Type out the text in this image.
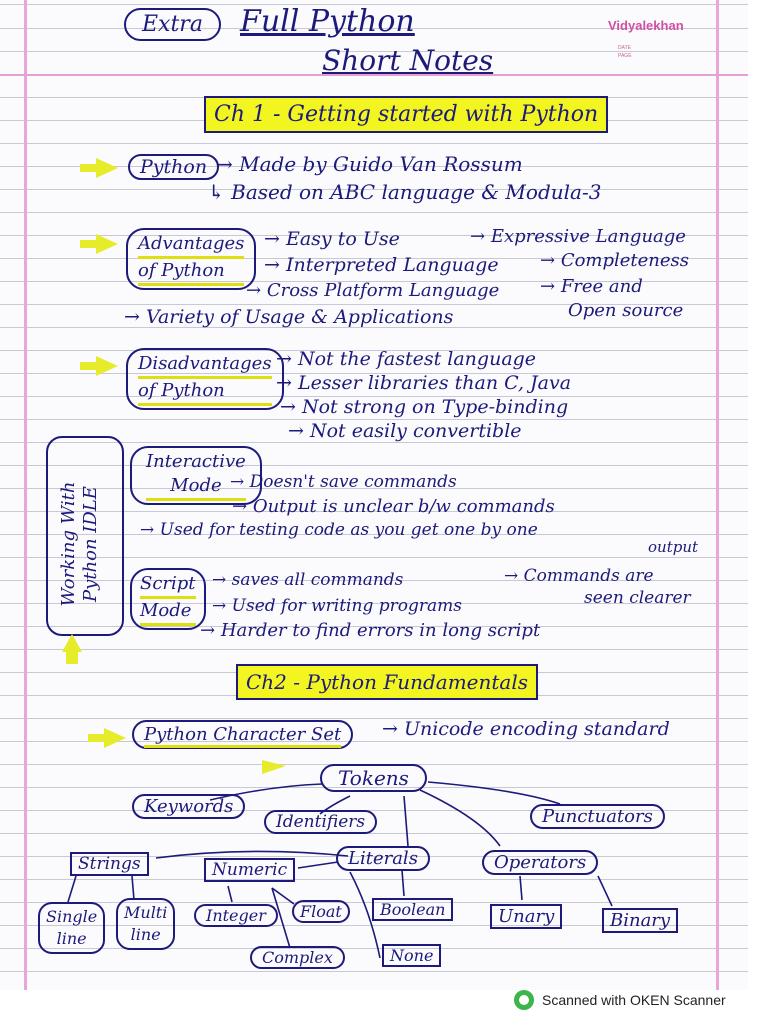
Extra	Full Python
Short Notes
Vidyalekhan
DATE
PAGE
Ch 1 - Getting started with Python
Python → Made by Guido Van Rossum
↳ Based on ABC language & Modula-3
Advantages
of Python
→ Easy to Use	→ Expressive Language
→ Interpreted Language → Completeness
→ Cross Platform Language → Free and
Open source
→ Variety of Usage & Applications
Disadvantages
of Python
→ Not the fastest language
→ Lesser libraries than C, Java
→ Not strong on Type-binding
→ Not easily convertible
Working With Python IDLE
Interactive
Mode → Doesn't save commands
→ Output is unclear b/w commands
→ Used for testing code as you get one by one
output
Script
Mode
→ saves all commands	→ Commands are
seen clearer
→ Used for writing programs
→ Harder to find errors in long script
Ch2 - Python Fundamentals
Python Character Set	→ Unicode encoding standard
Tokens
Keywords
Identifiers	Punctuators
Literals	Operators
Strings	Numeric
Single
line
Multi
line
Integer	Float
Complex
Boolean
None
Unary	Binary
Scanned with OKEN Scanner
